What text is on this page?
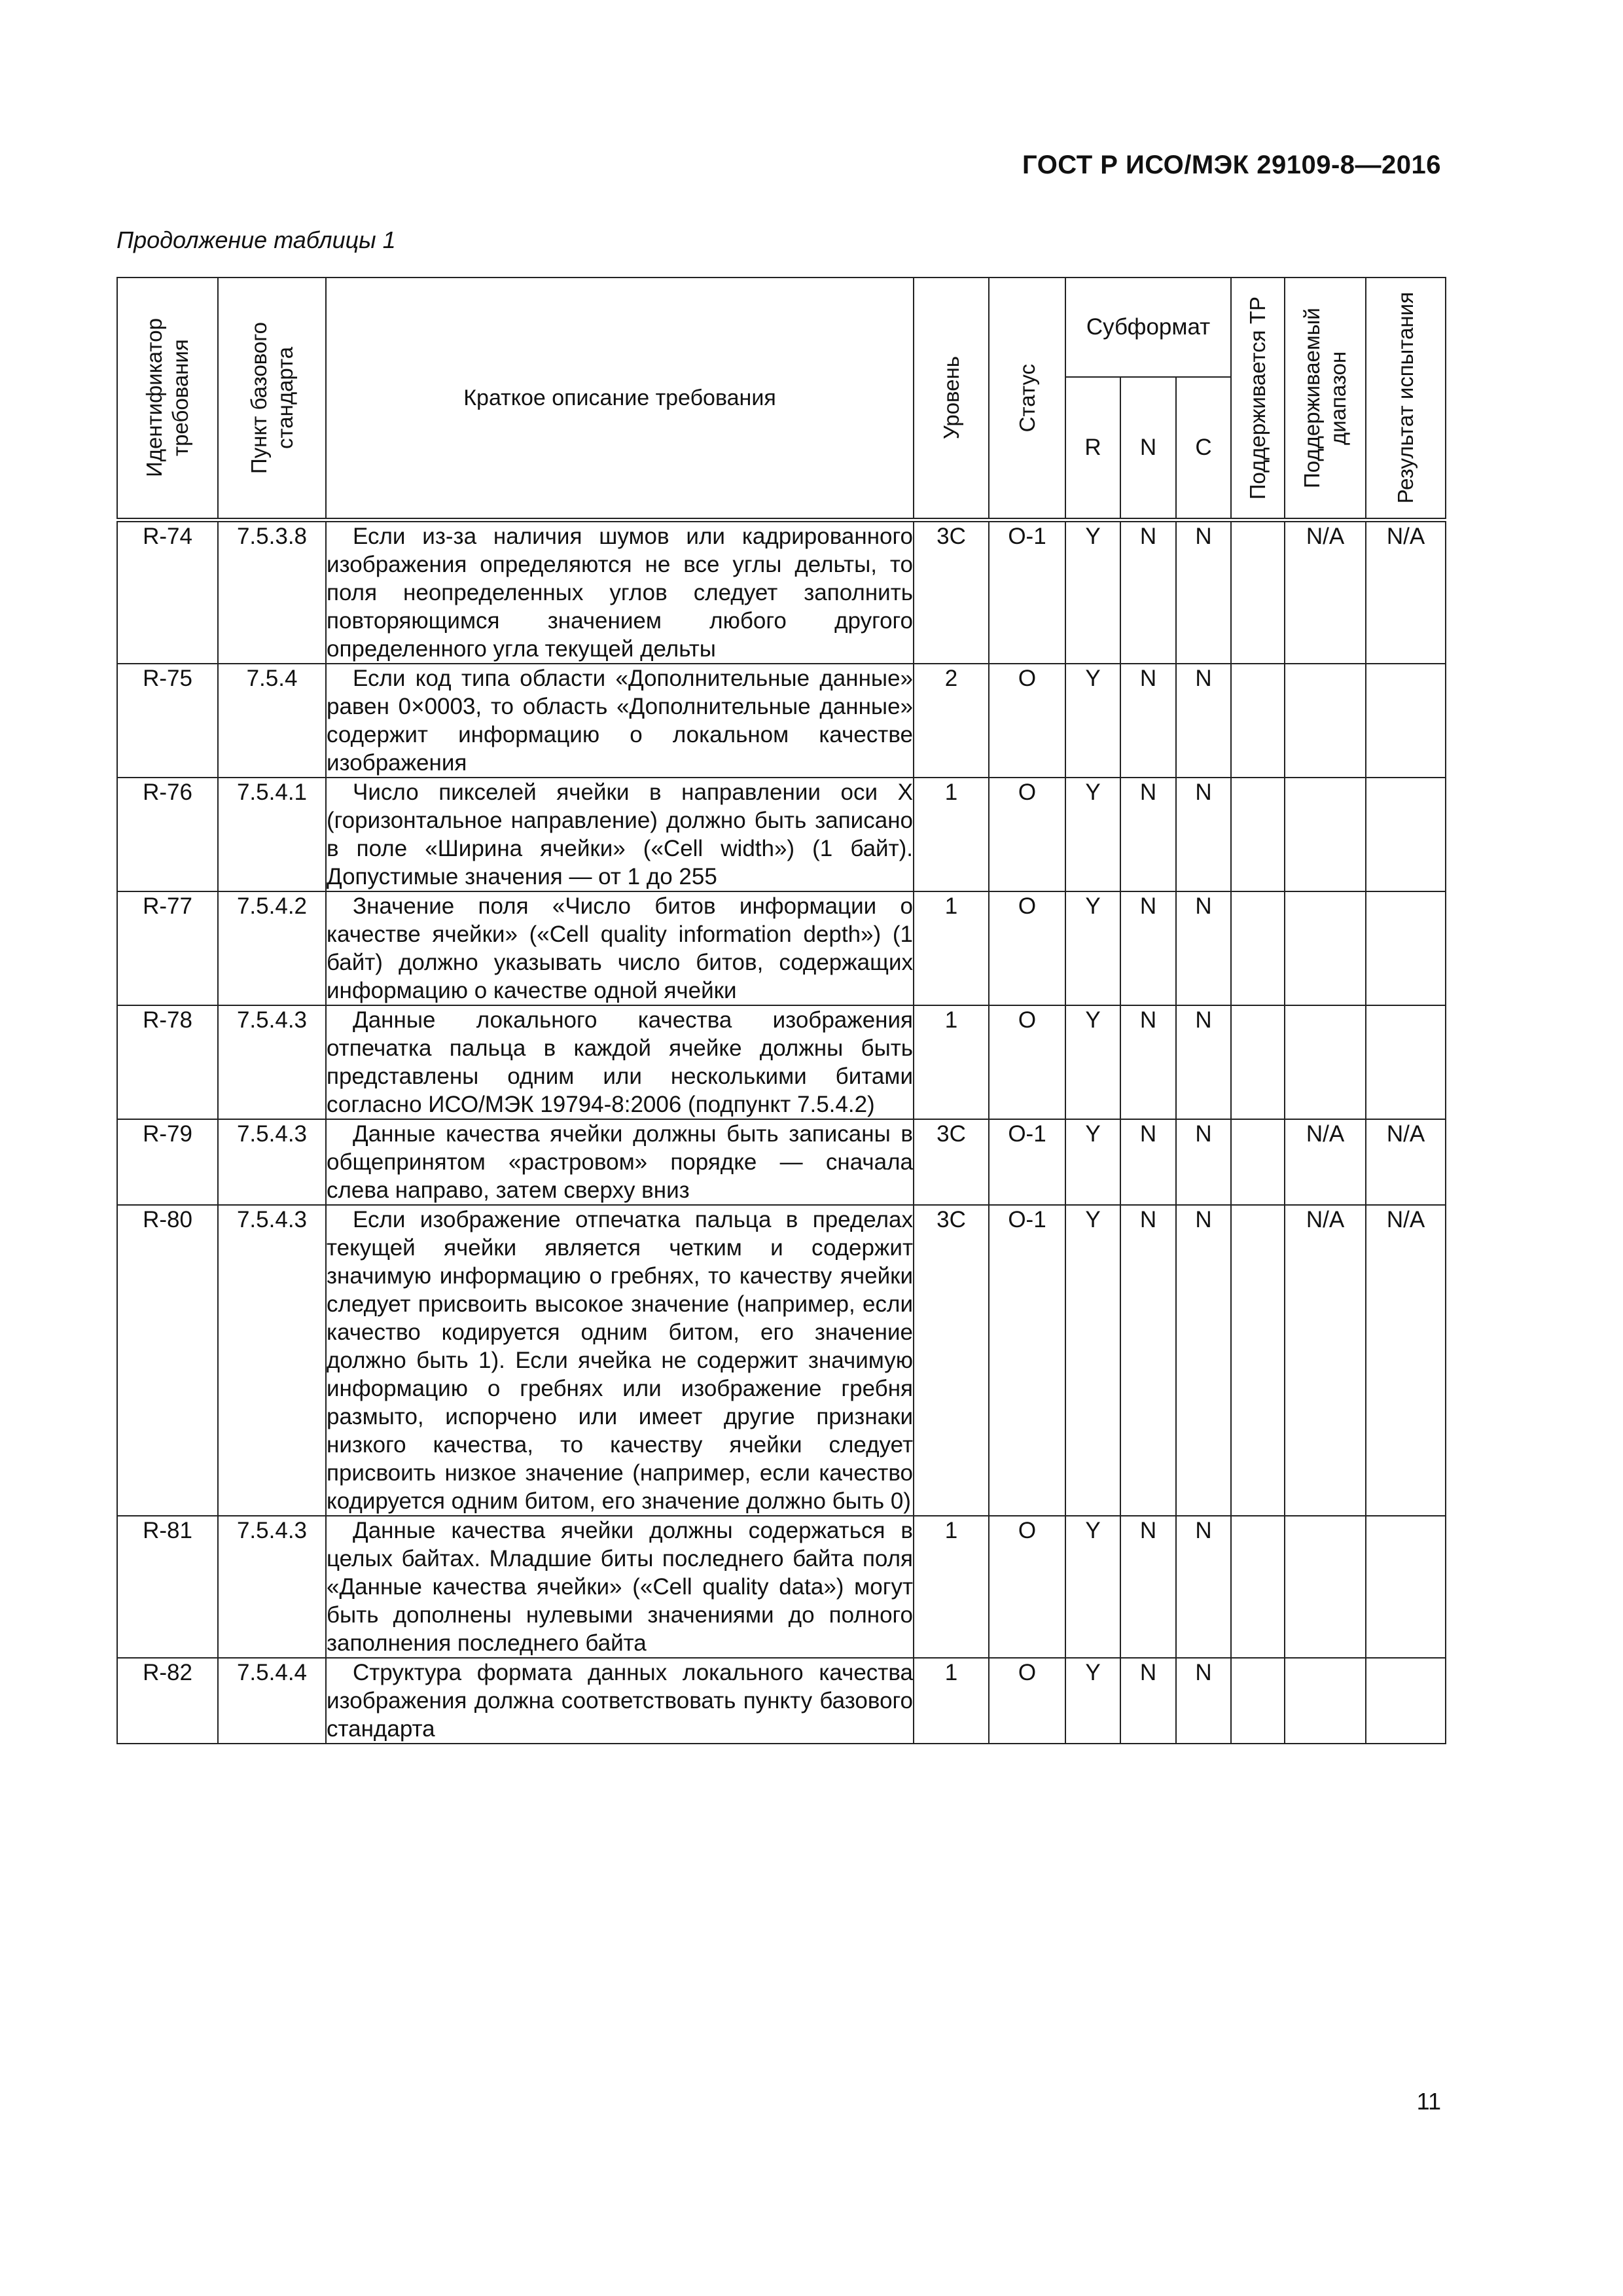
ГОСТ Р ИСО/МЭК 29109-8—2016
Продолжение таблицы 1
Идентификатор требования	Пункт базового стандарта	Краткое описание требования	Уровень	Статус	Субформат			Поддерживается ТР	Поддерживаемый диапазон	Результат испытания

					R	N	C			
R-74	7.5.3.8	Если из-за наличия шумов или кадрированного изображения определяются не все углы дельты, то поля неопределенных углов следует заполнить повторяющимся значением любого другого определенного угла текущей дельты	3C	O-1	Y	N	N		N/A	N/A
R-75	7.5.4	Если код типа области «Дополнительные данные» равен 0×0003, то область «Дополнительные данные» содержит информацию о локальном качестве изображения	2	O	Y	N	N			
R-76	7.5.4.1	Число пикселей ячейки в направлении оси X (горизонтальное направление) должно быть записано в поле «Ширина ячейки» («Cell width») (1 байт). Допустимые значения — от 1 до 255	1	O	Y	N	N			
R-77	7.5.4.2	Значение поля «Число битов информации о качестве ячейки» («Cell quality information depth») (1 байт) должно указывать число битов, содержащих информацию о качестве одной ячейки	1	O	Y	N	N			
R-78	7.5.4.3	Данные локального качества изображения отпечатка пальца в каждой ячейке должны быть представлены одним или несколькими битами согласно ИСО/МЭК 19794-8:2006 (подпункт 7.5.4.2)	1	O	Y	N	N			
R-79	7.5.4.3	Данные качества ячейки должны быть записаны в общепринятом «растровом» порядке — сначала слева направо, затем сверху вниз	3C	O-1	Y	N	N		N/A	N/A
R-80	7.5.4.3	Если изображение отпечатка пальца в пределах текущей ячейки является четким и содержит значимую информацию о гребнях, то качеству ячейки следует присвоить высокое значение (например, если качество кодируется одним битом, его значение должно быть 1). Если ячейка не содержит значимую информацию о гребнях или изображение гребня размыто, испорчено или имеет другие признаки низкого качества, то качеству ячейки следует присвоить низкое значение (например, если качество кодируется одним битом, его значение должно быть 0)	3C	O-1	Y	N	N		N/A	N/A
R-81	7.5.4.3	Данные качества ячейки должны содержаться в целых байтах. Младшие биты последнего байта поля «Данные качества ячейки» («Cell quality data») могут быть дополнены нулевыми значениями до полного заполнения последнего байта	1	O	Y	N	N			
R-82	7.5.4.4	Структура формата данных локального качества изображения должна соответствовать пункту базового стандарта	1	O	Y	N	N			
11
